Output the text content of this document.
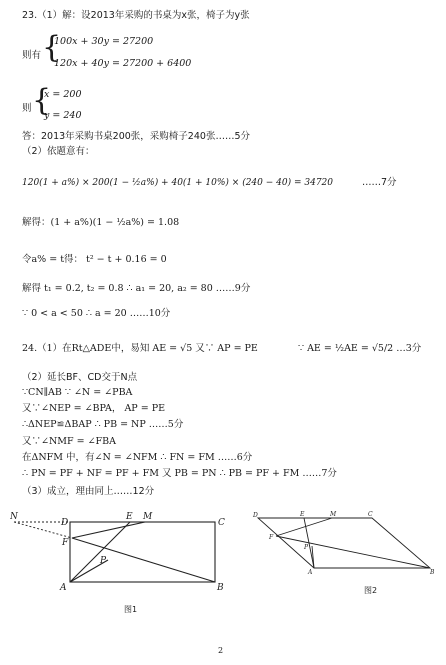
23.（1）解：设2013年采购的书桌为x张，椅子为y张
则有 {
100x + 30y = 27200
120x + 40y = 27200 + 6400
则 {
x = 200
y = 240
答：2013年采购书桌200张，采购椅子240张……5分
（2）依题意有：
120(1 + a%) × 200(1 − ½a%) + 40(1 + 10%) × (240 − 40) = 34720	……7分
解得：(1 + a%)(1 − ½a%) = 1.08
令a% = t得： t² − t + 0.16 = 0
解得 t₁ = 0.2, t₂ = 0.8 ∴ a₁ = 20, a₂ = 80 ……9分
∵ 0 < a < 50 ∴ a = 20 ……10分
24.（1）在Rt△ADE中，易知 AE = √5 又∵ AP = PE	∵ AE = ½AE = √5/2 …3分
（2）延长BF、CD交于N点
∵CN∥AB ∵ ∠N = ∠PBA
又∵∠NEP = ∠BPA， AP = PE
∴ΔNEP≌ΔBAP ∴ PB = NP ……5分
又∵∠NMF = ∠FBA
在ΔNFM 中，有∠N = ∠NFM ∴ FN = FM ……6分
∴ PN = PF + NF = PF + FM 又 PB = PN ∴ PB = PF + FM ……7分
（3）成立，理由同上……12分
N
D
E M
C
F
P
A	B
图1
D	E	M	C
F
P
A	B
图2
2
